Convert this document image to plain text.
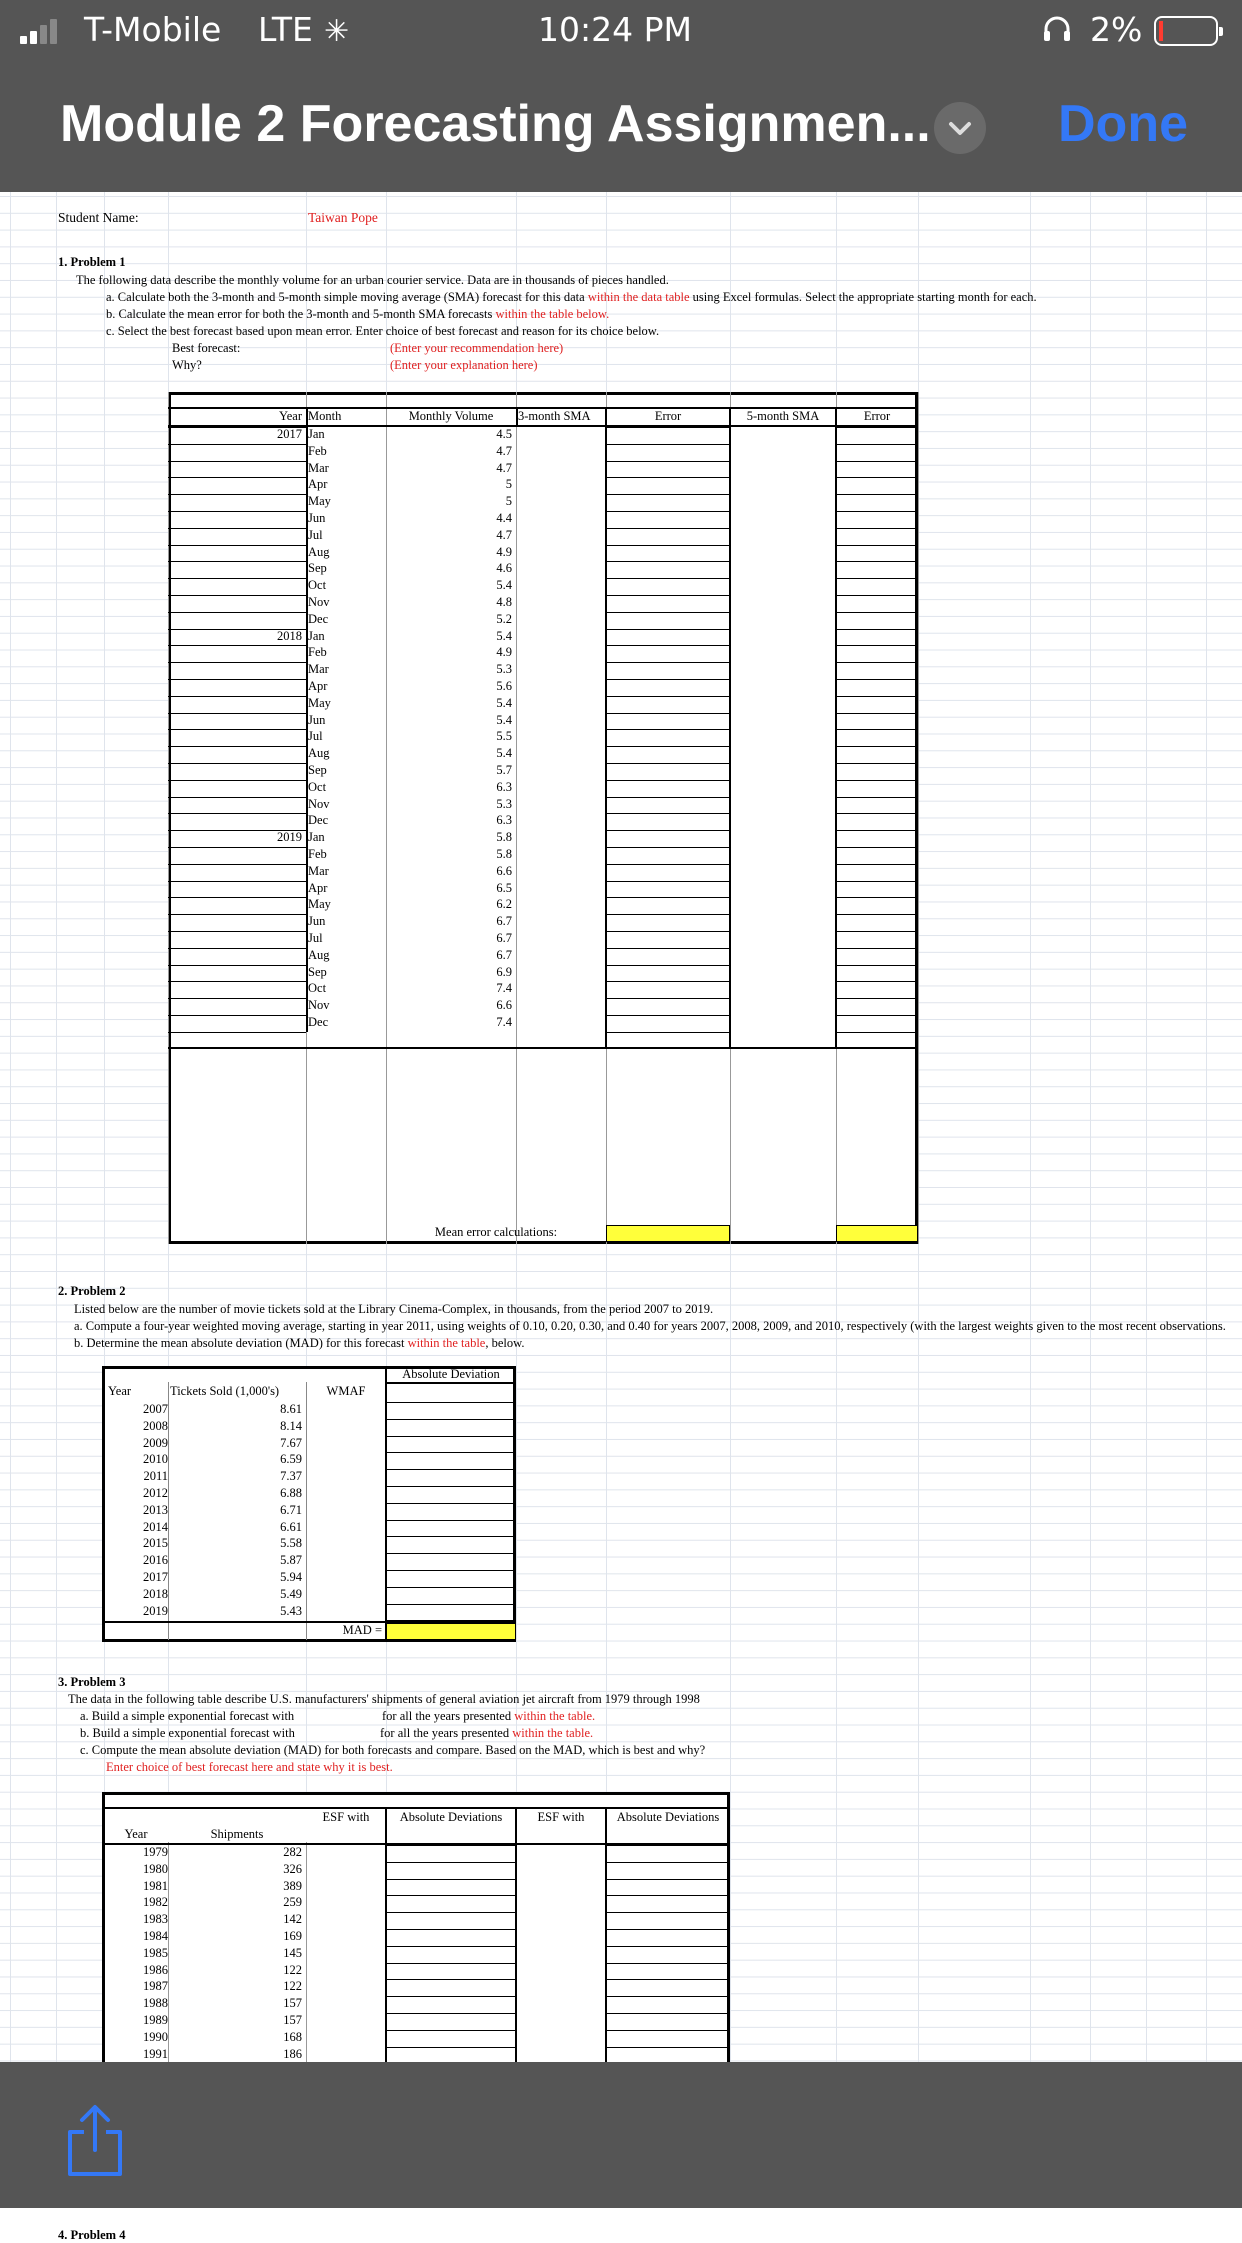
T-Mobile LTE ✳	10:24 PM	2%
Module 2 Forecasting Assignmen... Done
Student Name:	Taiwan Pope
1. Problem 1
The following data describe the monthly volume for an urban courier service. Data are in thousands of pieces handled.
a. Calculate both the 3-month and 5-month simple moving average (SMA) forecast for this data within the data table using Excel formulas. Select the appropriate starting month for each.
b. Calculate the mean error for both the 3-month and 5-month SMA forecasts within the table below.
c. Select the best forecast based upon mean error. Enter choice of best forecast and reason for its choice below.
Best forecast:	(Enter your recommendation here)
Why?	(Enter your explanation here)
Year Month	Monthly Volume	3-month SMA	Error	5-month SMA	Error
2017 Jan	4.5
Feb	4.7
Mar	4.7
Apr	5
May	5
Jun	4.4
Jul	4.7
Aug	4.9
Sep	4.6
Oct	5.4
Nov	4.8
Dec	5.2
2018 Jan	5.4
Feb	4.9
Mar	5.3
Apr	5.6
May	5.4
Jun	5.4
Jul	5.5
Aug	5.4
Sep	5.7
Oct	6.3
Nov	5.3
Dec	6.3
2019 Jan	5.8
Feb	5.8
Mar	6.6
Apr	6.5
May	6.2
Jun	6.7
Jul	6.7
Aug	6.7
Sep	6.9
Oct	7.4
Nov	6.6
Dec	7.4
Mean error calculations:
2. Problem 2
Listed below are the number of movie tickets sold at the Library Cinema-Complex, in thousands, from the period 2007 to 2019.
a. Compute a four-year weighted moving average, starting in year 2011, using weights of 0.10, 0.20, 0.30, and 0.40 for years 2007, 2008, 2009, and 2010, respectively (with the largest weights given to the most recent observations.
b. Determine the mean absolute deviation (MAD) for this forecast within the table, below.
Absolute Deviation
Year	Tickets Sold (1,000's)	WMAF
2007	8.61
2008	8.14
2009	7.67
2010	6.59
2011	7.37
2012	6.88
2013	6.71
2014	6.61
2015	5.58
2016	5.87
2017	5.94
2018	5.49
2019	5.43
MAD =
3. Problem 3
The data in the following table describe U.S. manufacturers' shipments of general aviation jet aircraft from 1979 through 1998
a. Build a simple exponential forecast with	for all the years presented within the table.
b. Build a simple exponential forecast with	for all the years presented within the table.
c. Compute the mean absolute deviation (MAD) for both forecasts and compare. Based on the MAD, which is best and why?
Enter choice of best forecast here and state why it is best.
ESF with	Absolute Deviations	ESF with	Absolute Deviations
Year	Shipments
1979	282
1980	326
1981	389
1982	259
1983	142
1984	169
1985	145
1986	122
1987	122
1988	157
1989	157
1990	168
1991	186
4. Problem 4
